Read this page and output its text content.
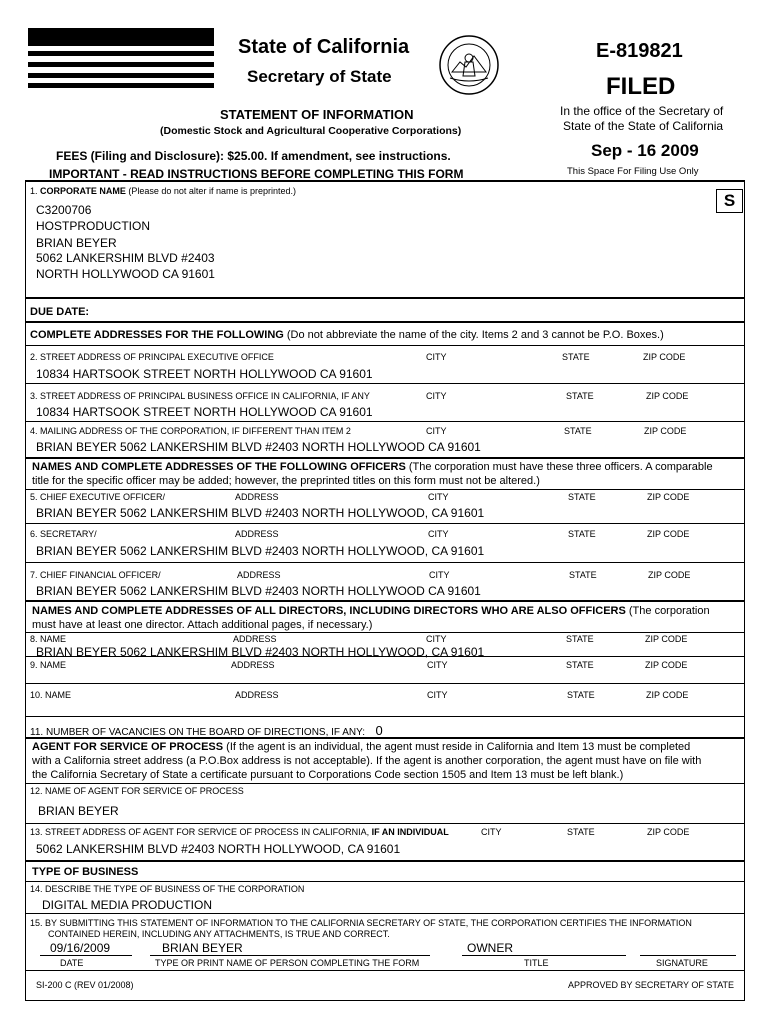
State of California
Secretary of State
STATEMENT OF INFORMATION
(Domestic Stock and Agricultural Cooperative Corporations)
FEES (Filing and Disclosure): $25.00. If amendment, see instructions.
IMPORTANT - READ INSTRUCTIONS BEFORE COMPLETING THIS FORM
E-819821
FILED
In the office of the Secretary of
State of the State of California
Sep - 16 2009
This Space For Filing Use Only
1. CORPORATE NAME (Please do not alter if name is preprinted.)	S
C3200706
HOSTPRODUCTION
BRIAN BEYER
5062 LANKERSHIM BLVD #2403
NORTH HOLLYWOOD CA 91601
DUE DATE:
COMPLETE ADDRESSES FOR THE FOLLOWING (Do not abbreviate the name of the city. Items 2 and 3 cannot be P.O. Boxes.)
2. STREET ADDRESS OF PRINCIPAL EXECUTIVE OFFICE	CITY	STATE	ZIP CODE
10834 HARTSOOK STREET NORTH HOLLYWOOD CA 91601
3. STREET ADDRESS OF PRINCIPAL BUSINESS OFFICE IN CALIFORNIA, IF ANY	CITY	STATE	ZIP CODE
10834 HARTSOOK STREET NORTH HOLLYWOOD CA 91601
4. MAILING ADDRESS OF THE CORPORATION, IF DIFFERENT THAN ITEM 2	CITY	STATE	ZIP CODE
BRIAN BEYER 5062 LANKERSHIM BLVD #2403 NORTH HOLLYWOOD CA 91601
NAMES AND COMPLETE ADDRESSES OF THE FOLLOWING OFFICERS (The corporation must have these three officers. A comparable
title for the specific officer may be added; however, the preprinted titles on this form must not be altered.)
5. CHIEF EXECUTIVE OFFICER/	ADDRESS	CITY	STATE	ZIP CODE
BRIAN BEYER 5062 LANKERSHIM BLVD #2403 NORTH HOLLYWOOD, CA 91601
6. SECRETARY/	ADDRESS	CITY	STATE	ZIP CODE
BRIAN BEYER 5062 LANKERSHIM BLVD #2403 NORTH HOLLYWOOD, CA 91601
7. CHIEF FINANCIAL OFFICER/	ADDRESS	CITY	STATE	ZIP CODE
BRIAN BEYER 5062 LANKERSHIM BLVD #2403 NORTH HOLLYWOOD CA 91601
NAMES AND COMPLETE ADDRESSES OF ALL DIRECTORS, INCLUDING DIRECTORS WHO ARE ALSO OFFICERS (The corporation
must have at least one director. Attach additional pages, if necessary.)
8. NAME	ADDRESS	CITY	STATE	ZIP CODE
BRIAN BEYER 5062 LANKERSHIM BLVD #2403 NORTH HOLLYWOOD, CA 91601
9. NAME	ADDRESS	CITY	STATE	ZIP CODE
10. NAME	ADDRESS	CITY	STATE	ZIP CODE
11. NUMBER OF VACANCIES ON THE BOARD OF DIRECTIONS, IF ANY: 0
AGENT FOR SERVICE OF PROCESS (If the agent is an individual, the agent must reside in California and Item 13 must be completed
with a California street address (a P.O.Box address is not acceptable). If the agent is another corporation, the agent must have on file with
the California Secretary of State a certificate pursuant to Corporations Code section 1505 and Item 13 must be left blank.)
12. NAME OF AGENT FOR SERVICE OF PROCESS
BRIAN BEYER
13. STREET ADDRESS OF AGENT FOR SERVICE OF PROCESS IN CALIFORNIA, IF AN INDIVIDUAL	CITY	STATE	ZIP CODE
5062 LANKERSHIM BLVD #2403 NORTH HOLLYWOOD, CA 91601
TYPE OF BUSINESS
14. DESCRIBE THE TYPE OF BUSINESS OF THE CORPORATION
DIGITAL MEDIA PRODUCTION
15. BY SUBMITTING THIS STATEMENT OF INFORMATION TO THE CALIFORNIA SECRETARY OF STATE, THE CORPORATION CERTIFIES THE INFORMATION
CONTAINED HEREIN, INCLUDING ANY ATTACHMENTS, IS TRUE AND CORRECT.
09/16/2009	BRIAN BEYER	OWNER
DATE	TYPE OR PRINT NAME OF PERSON COMPLETING THE FORM	TITLE	SIGNATURE
SI-200 C (REV 01/2008)	APPROVED BY SECRETARY OF STATE
